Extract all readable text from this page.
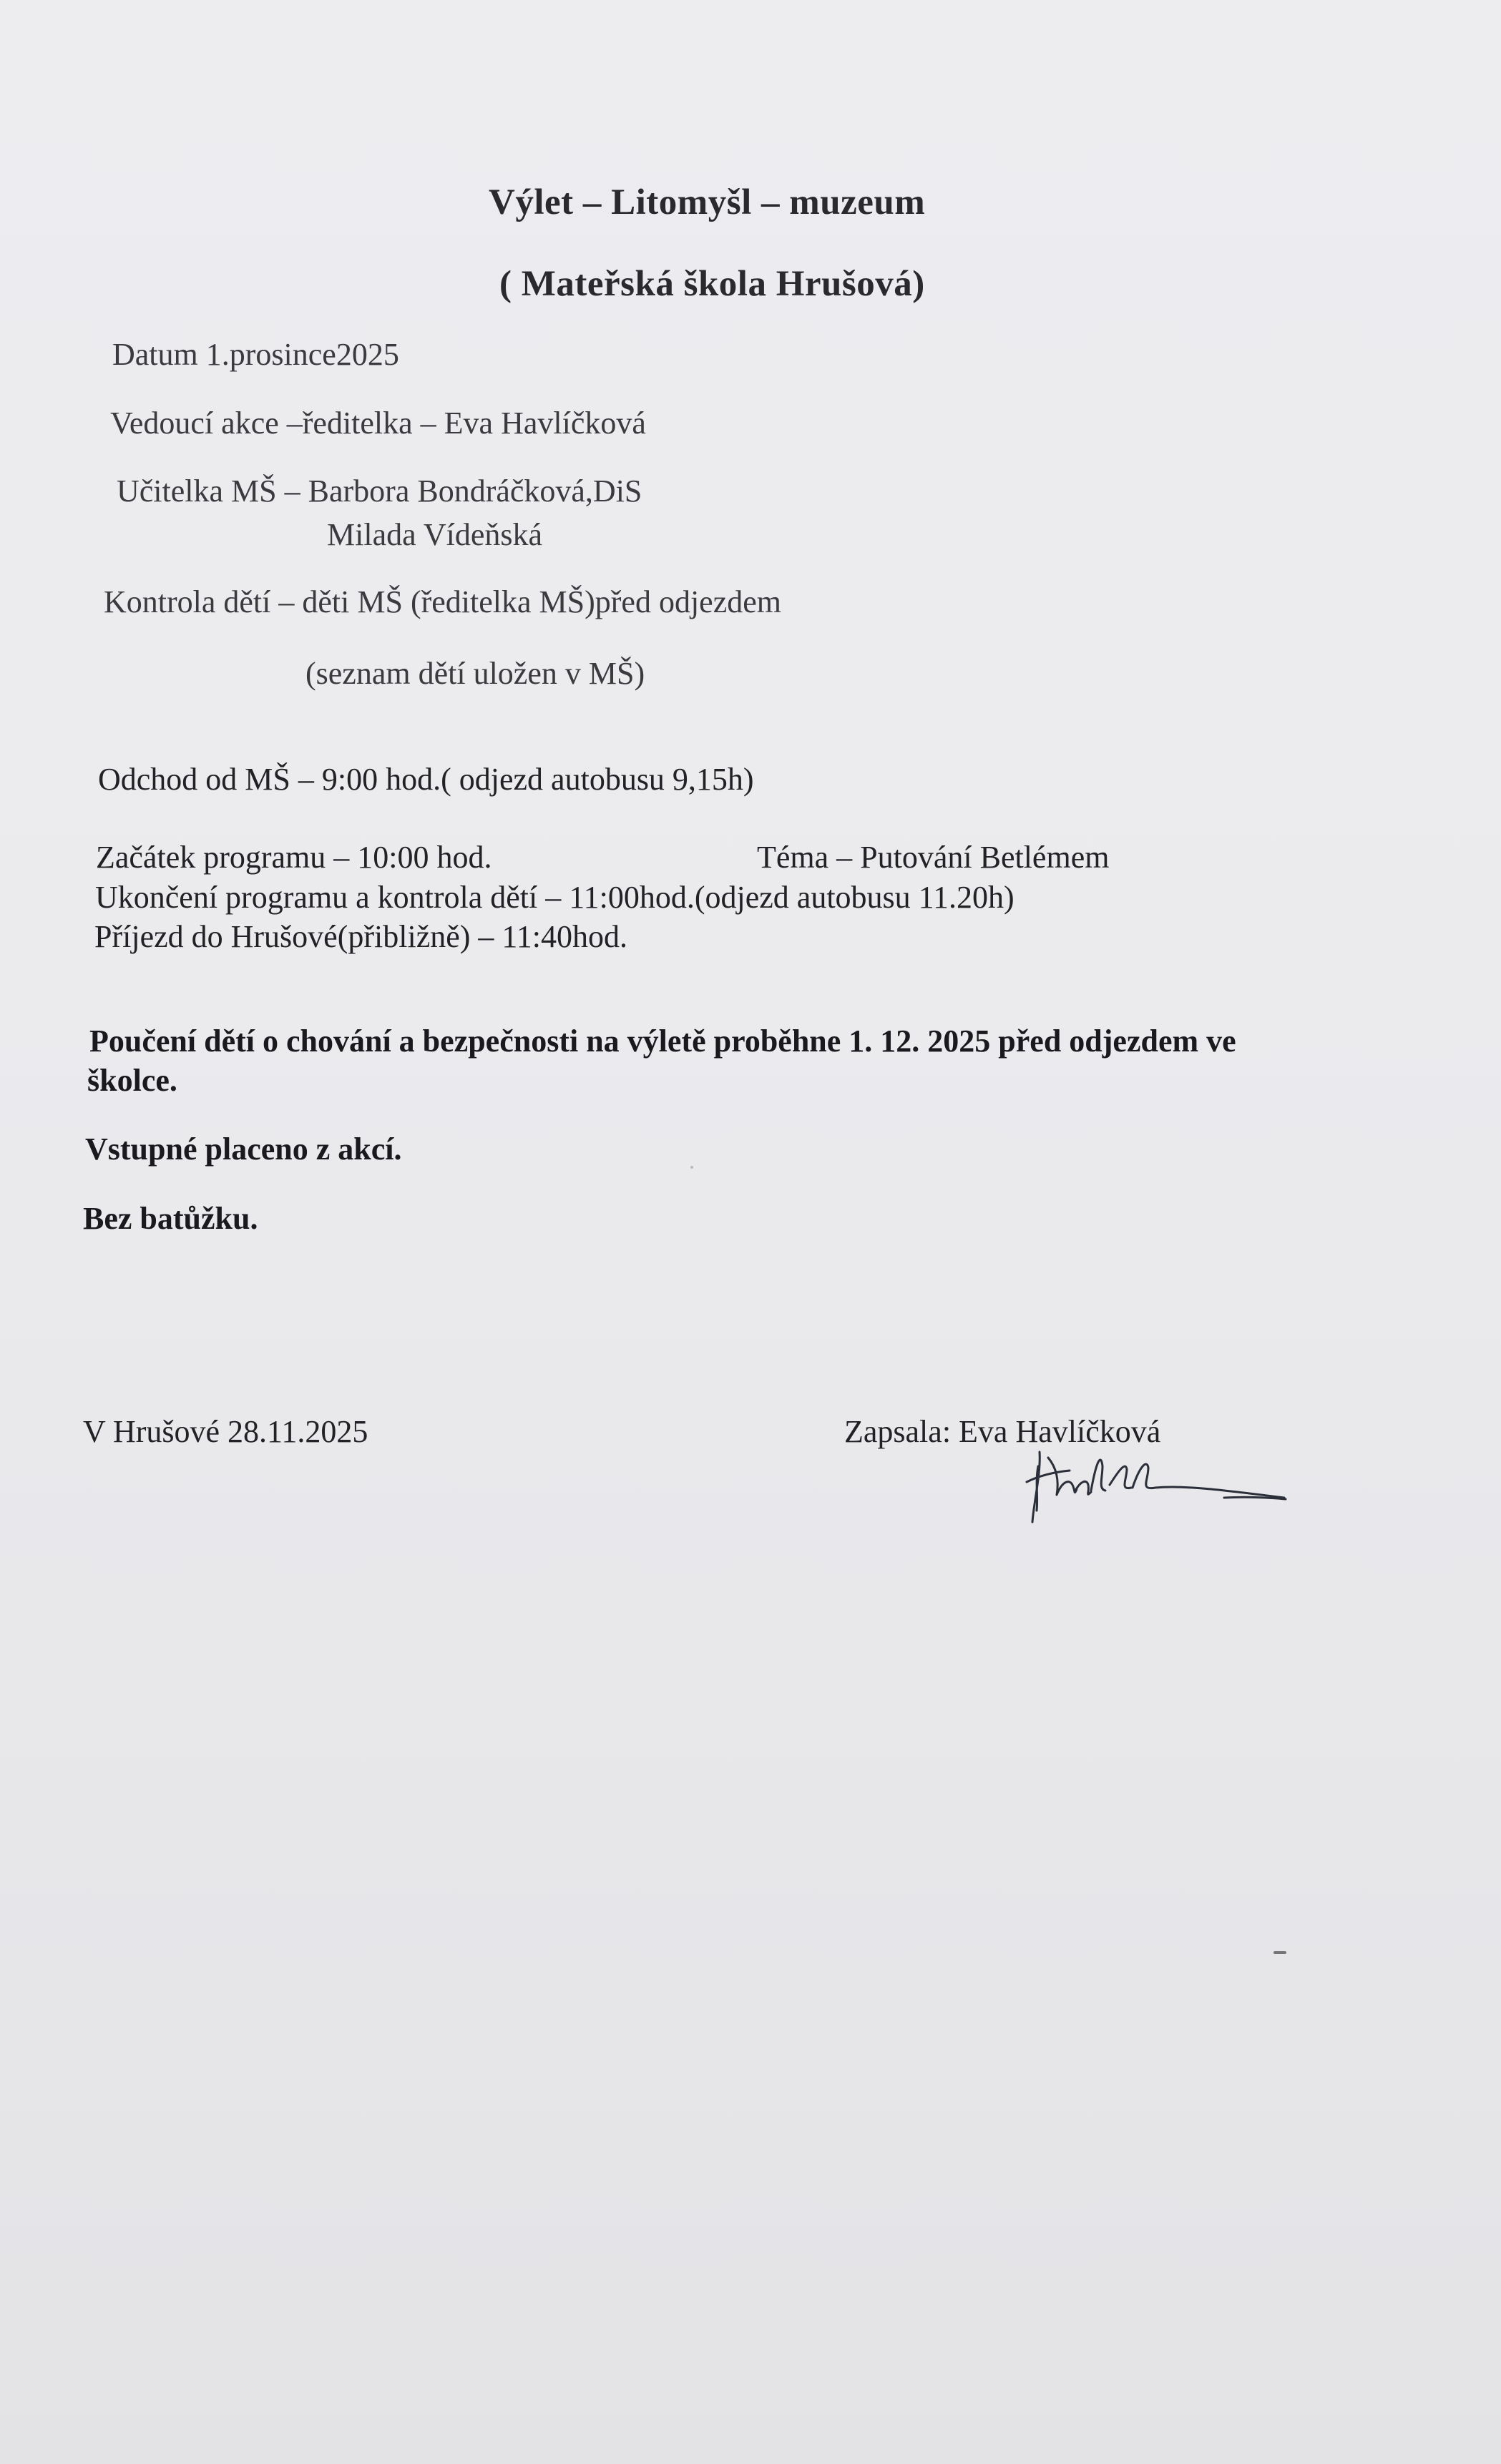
Výlet – Litomyšl – muzeum
( Mateřská škola Hrušová)
Datum 1.prosince2025
Vedoucí akce –ředitelka – Eva Havlíčková
Učitelka MŠ – Barbora Bondráčková,DiS
Milada Vídeňská
Kontrola dětí – děti MŠ (ředitelka MŠ)před odjezdem
(seznam dětí uložen v MŠ)
Odchod od MŠ – 9:00 hod.( odjezd autobusu 9,15h)
Začátek programu – 10:00 hod.	Téma – Putování Betlémem
Ukončení programu a kontrola dětí – 11:00hod.(odjezd autobusu 11.20h)
Příjezd do Hrušové(přibližně) – 11:40hod.
Poučení dětí o chování a bezpečnosti na výletě proběhne 1. 12. 2025 před odjezdem ve
školce.
Vstupné placeno z akcí.
Bez batůžku.
V Hrušové 28.11.2025	Zapsala: Eva Havlíčková
